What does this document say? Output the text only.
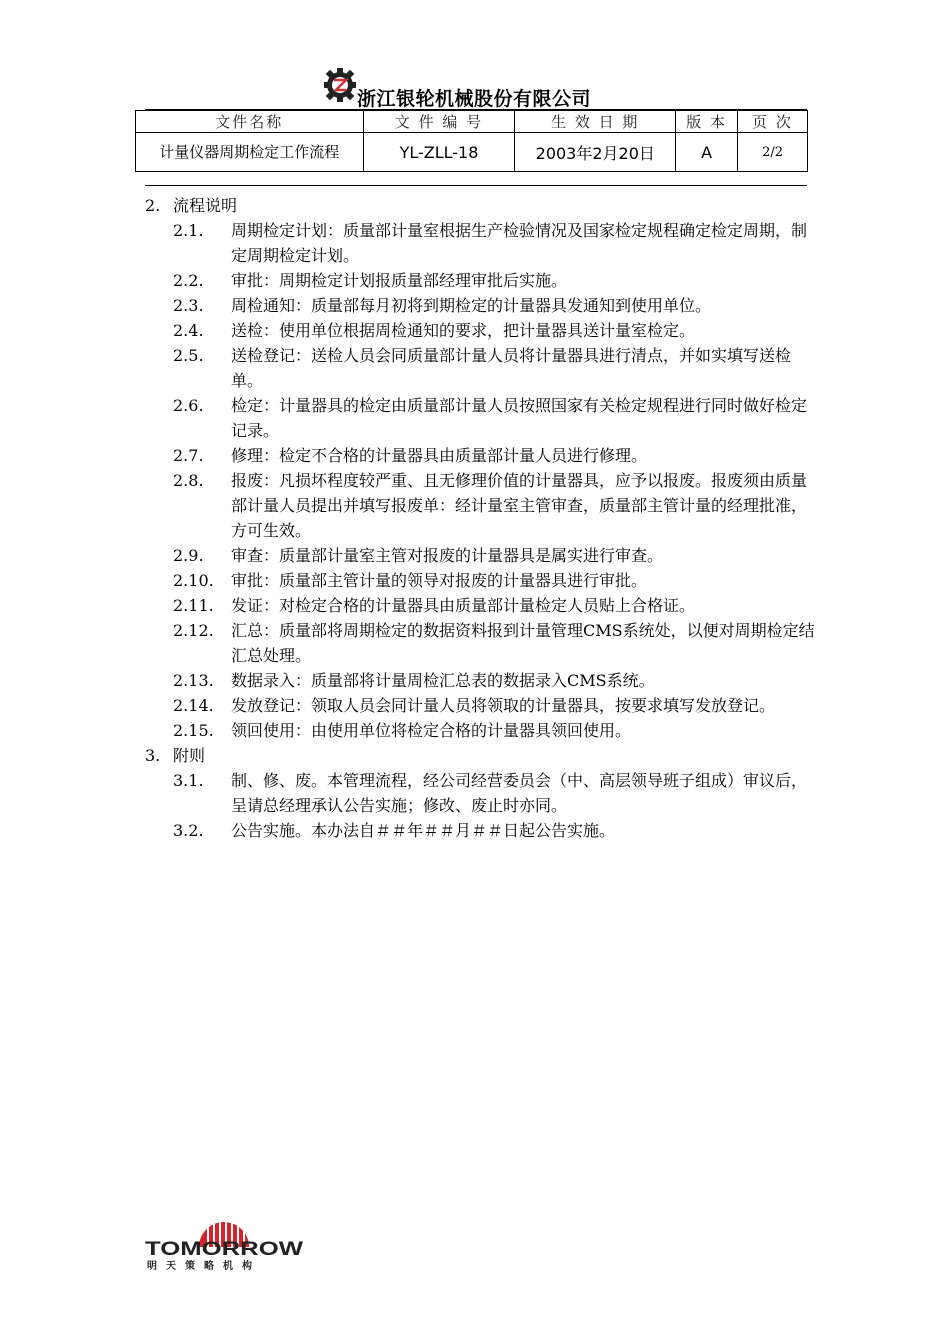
浙江银轮机械股份有限公司
文件名称	文 件 编 号	生 效 日 期	版 本	页 次
计量仪器周期检定工作流程	YL-ZLL-18	2003年2月20日	A	2/2
2. 流程说明
2.1. 周期检定计划：质量部计量室根据生产检验情况及国家检定规程确定检定周期，制定周期检定计划。
2.2. 审批：周期检定计划报质量部经理审批后实施。
2.3. 周检通知：质量部每月初将到期检定的计量器具发通知到使用单位。
2.4. 送检：使用单位根据周检通知的要求，把计量器具送计量室检定。
2.5. 送检登记：送检人员会同质量部计量人员将计量器具进行清点，并如实填写送检单。
2.6. 检定：计量器具的检定由质量部计量人员按照国家有关检定规程进行同时做好检定记录。
2.7. 修理：检定不合格的计量器具由质量部计量人员进行修理。
2.8. 报废：凡损坏程度较严重、且无修理价值的计量器具，应予以报废。报废须由质量部计量人员提出并填写报废单：经计量室主管审查，质量部主管计量的经理批准，方可生效。
2.9. 审查：质量部计量室主管对报废的计量器具是属实进行审查。
2.10. 审批：质量部主管计量的领导对报废的计量器具进行审批。
2.11. 发证：对检定合格的计量器具由质量部计量检定人员贴上合格证。
2.12. 汇总：质量部将周期检定的数据资料报到计量管理CMS系统处，以便对周期检定结汇总处理。
2.13. 数据录入：质量部将计量周检汇总表的数据录入CMS系统。
2.14. 发放登记：领取人员会同计量人员将领取的计量器具，按要求填写发放登记。
2.15. 领回使用：由使用单位将检定合格的计量器具领回使用。
3. 附则
3.1. 制、修、废。本管理流程，经公司经营委员会（中、高层领导班子组成）审议后，呈请总经理承认公告实施；修改、废止时亦同。
3.2. 公告实施。本办法自＃＃年＃＃月＃＃日起公告实施。
TOMORROW
明天策略机构
